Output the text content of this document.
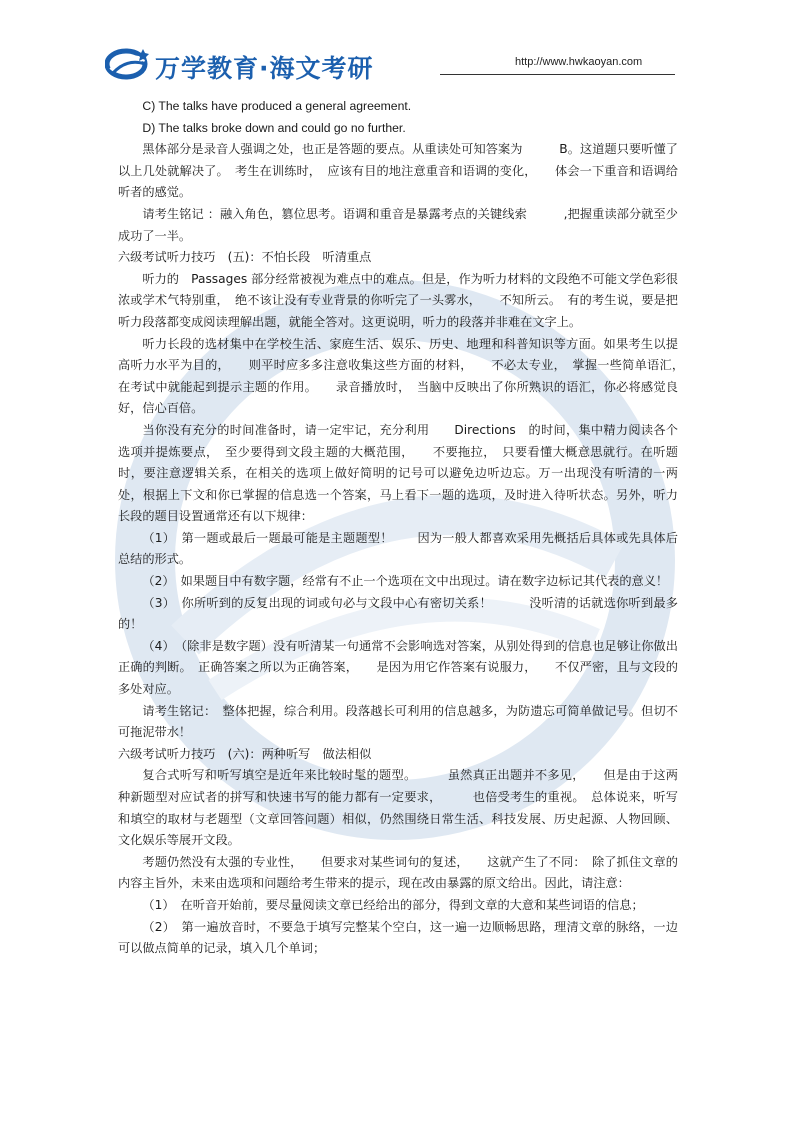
万学教育·海文考研	http://www.hwkaoyan.com

C) The talks have produced a general agreement.

D) The talks broke down and could go no further.

黑体部分是录音人强调之处，也正是答题的要点。从重读处可知答案为　　　B。这道题只要听懂了以上几处就解决了。　考生在训练时，　应该有目的地注意重音和语调的变化，　　体会一下重音和语调给听者的感觉。

请考生铭记 ：融入角色，篡位思考。语调和重音是暴露考点的关键线索　　　,把握重读部分就至少成功了一半。

六级考试听力技巧　(五)：不怕长段　听清重点

听力的　Passages 部分经常被视为难点中的难点。但是，作为听力材料的文段绝不可能文学色彩很浓或学术气特别重，　绝不该让没有专业背景的你听完了一头雾水，　　不知所云。　有的考生说，要是把听力段落都变成阅读理解出题，就能全答对。这更说明，听力的段落并非难在文字上。

听力长段的选材集中在学校生活、家庭生活、娱乐、历史、地理和科普知识等方面。如果考生以提高听力水平为目的，　　则平时应多多注意收集这些方面的材料，　　不必太专业，　掌握一些简单语汇，　在考试中就能起到提示主题的作用。　　录音播放时，　当脑中反映出了你所熟识的语汇，你必将感觉良好，信心百倍。

当你没有充分的时间准备时，请一定牢记，充分利用　　Directions　的时间，集中精力阅读各个选项并提炼要点，　至少要得到文段主题的大概范围，　　不要拖拉，　只要看懂大概意思就行。在听题时，要注意逻辑关系，在相关的选项上做好简明的记号可以避免边听边忘。万一出现没有听清的一两处，根据上下文和你已掌握的信息选一个答案，马上看下一题的选项，及时进入待听状态。另外，听力长段的题目设置通常还有以下规律：

（1）　第一题或最后一题最可能是主题题型！　　因为一般人都喜欢采用先概括后具体或先具体后总结的形式。

（2）　如果题目中有数字题，经常有不止一个选项在文中出现过。请在数字边标记其代表的意义！

（3）　你所听到的反复出现的词或句必与文段中心有密切关系！　　　没听清的话就选你听到最多的！

（4）　（除非是数字题）没有听清某一句通常不会影响选对答案，从别处得到的信息也足够让你做出正确的判断。　正确答案之所以为正确答案，　　是因为用它作答案有说服力，　　不仅严密，且与文段的多处对应。

请考生铭记：　整体把握，综合利用。段落越长可利用的信息越多，为防遗忘可简单做记号。但切不可拖泥带水！

六级考试听力技巧　(六)：两种听写　做法相似

复合式听写和听写填空是近年来比较时髦的题型。　　　虽然真正出题并不多见，　　但是由于这两种新题型对应试者的拼写和快速书写的能力都有一定要求，　　　也倍受考生的重视。　总体说来，听写和填空的取材与老题型（文章回答问题）相似，仍然围绕日常生活、科技发展、历史起源、人物回顾、文化娱乐等展开文段。

考题仍然没有太强的专业性，　　但要求对某些词句的复述，　　这就产生了不同：　除了抓住文章的内容主旨外，未来由选项和问题给考生带来的提示，现在改由暴露的原文给出。因此，请注意：

（1）　在听音开始前，要尽量阅读文章已经给出的部分，得到文章的大意和某些词语的信息；

（2）　第一遍放音时，不要急于填写完整某个空白，这一遍一边顺畅思路，理清文章的脉络，一边可以做点简单的记录，填入几个单词；
